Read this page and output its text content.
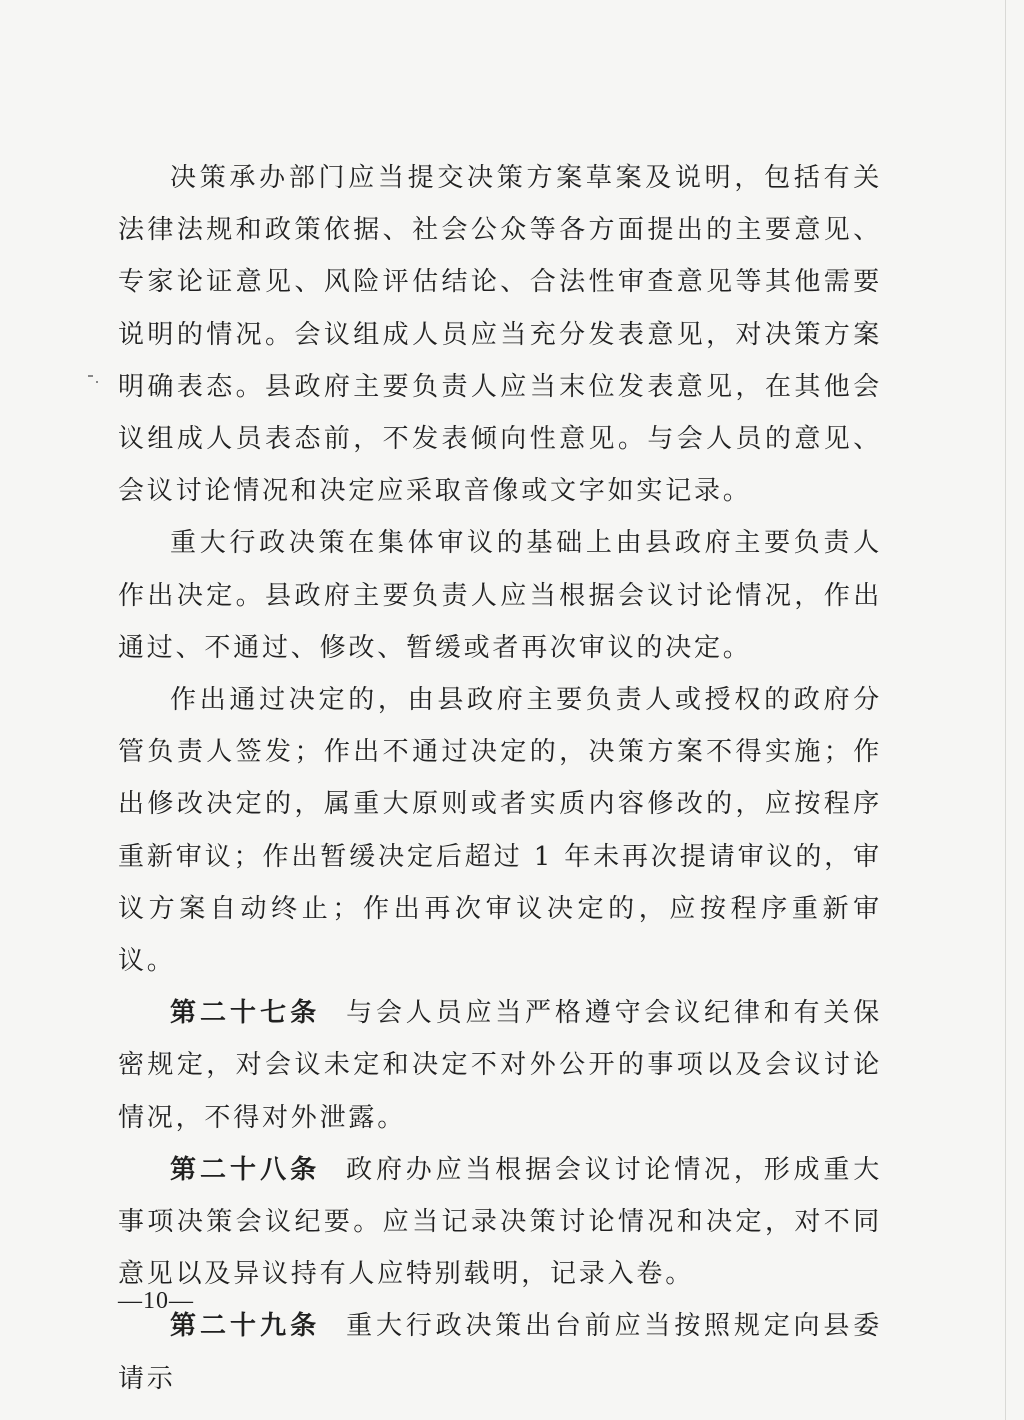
决策承办部门应当提交决策方案草案及说明，包括有关法律法规和政策依据、社会公众等各方面提出的主要意见、专家论证意见、风险评估结论、合法性审查意见等其他需要说明的情况。会议组成人员应当充分发表意见，对决策方案明确表态。县政府主要负责人应当末位发表意见，在其他会议组成人员表态前，不发表倾向性意见。与会人员的意见、会议讨论情况和决定应采取音像或文字如实记录。

重大行政决策在集体审议的基础上由县政府主要负责人作出决定。县政府主要负责人应当根据会议讨论情况，作出通过、不通过、修改、暂缓或者再次审议的决定。

作出通过决定的，由县政府主要负责人或授权的政府分管负责人签发；作出不通过决定的，决策方案不得实施；作出修改决定的，属重大原则或者实质内容修改的，应按程序重新审议；作出暂缓决定后超过 1 年未再次提请审议的，审议方案自动终止；作出再次审议决定的，应按程序重新审议。

第二十七条 与会人员应当严格遵守会议纪律和有关保密规定，对会议未定和决定不对外公开的事项以及会议讨论情况，不得对外泄露。

第二十八条 政府办应当根据会议讨论情况，形成重大事项决策会议纪要。应当记录决策讨论情况和决定，对不同意见以及异议持有人应特别载明，记录入卷。

第二十九条 重大行政决策出台前应当按照规定向县委请示

—10—
